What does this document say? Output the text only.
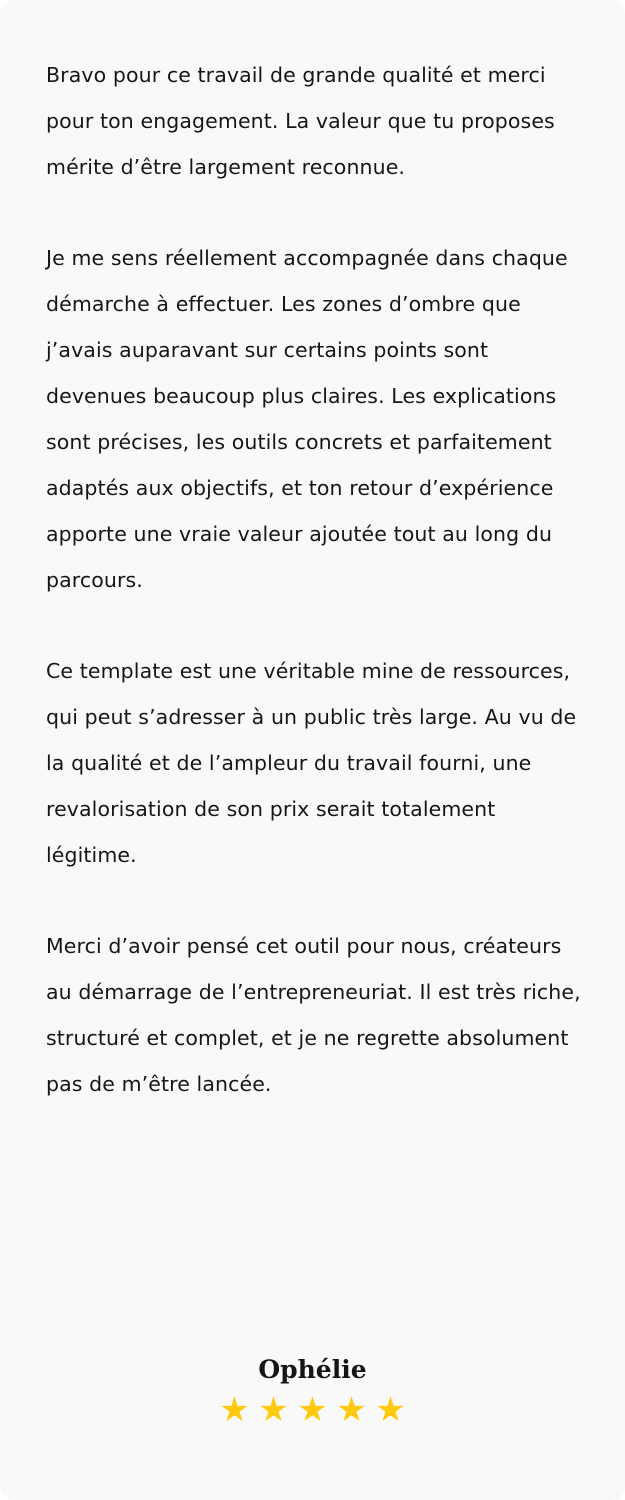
Bravo pour ce travail de grande qualité et merci pour ton engagement. La valeur que tu proposes mérite d’être largement reconnue.

Je me sens réellement accompagnée dans chaque démarche à effectuer. Les zones d’ombre que j’avais auparavant sur certains points sont devenues beaucoup plus claires. Les explications sont précises, les outils concrets et parfaitement adaptés aux objectifs, et ton retour d’expérience apporte une vraie valeur ajoutée tout au long du parcours.

Ce template est une véritable mine de ressources, qui peut s’adresser à un public très large. Au vu de la qualité et de l’ampleur du travail fourni, une revalorisation de son prix serait totalement légitime.

Merci d’avoir pensé cet outil pour nous, créateurs au démarrage de l’entrepreneuriat. Il est très riche, structuré et complet, et je ne regrette absolument pas de m’être lancée.

Ophélie

★ ★ ★ ★ ★
